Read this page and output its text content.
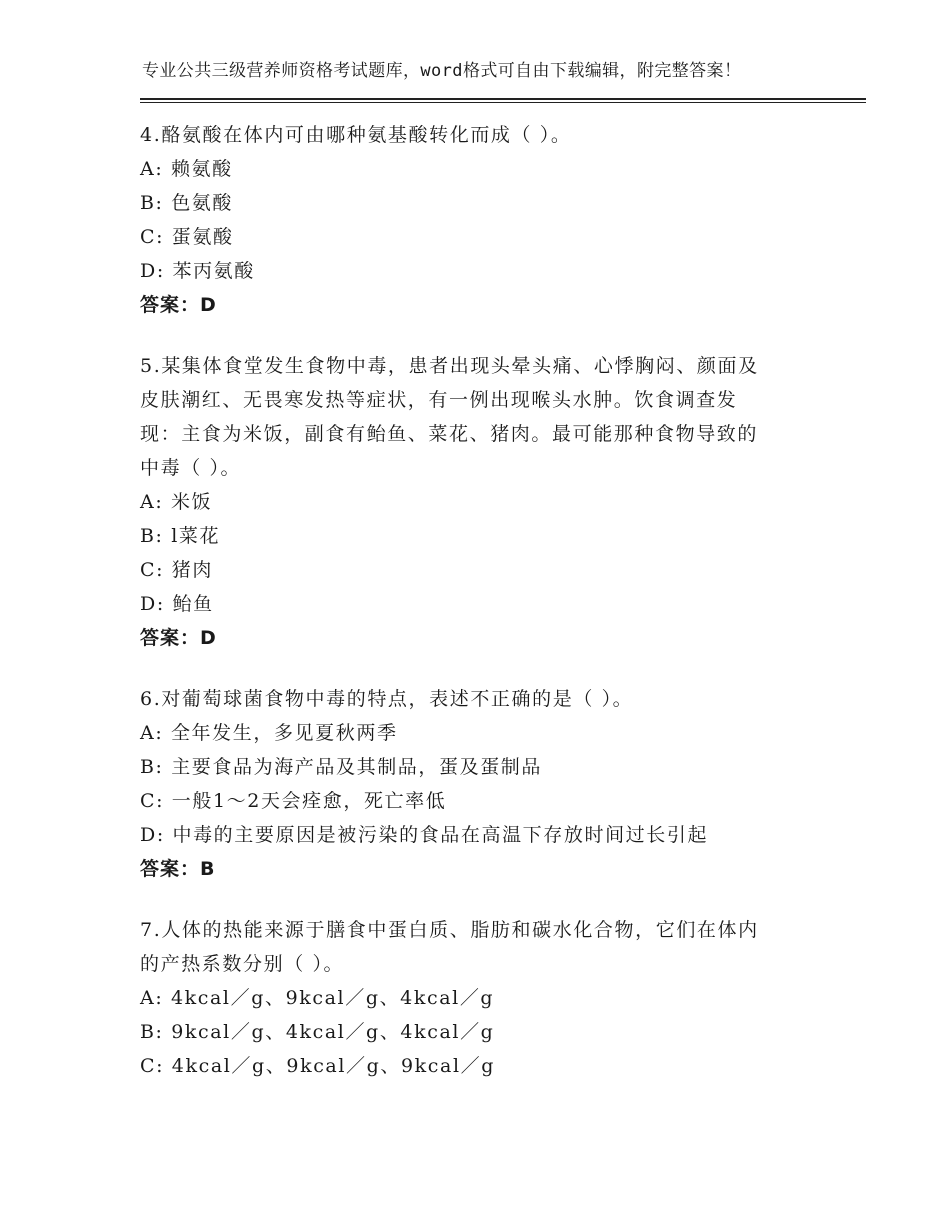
专业公共三级营养师资格考试题库，word格式可自由下载编辑，附完整答案！
4.酪氨酸在体内可由哪种氨基酸转化而成（ ）。
A: 赖氨酸
B: 色氨酸
C: 蛋氨酸
D: 苯丙氨酸
答案：D
5.某集体食堂发生食物中毒，患者出现头晕头痛、心悸胸闷、颜面及
皮肤潮红、无畏寒发热等症状，有一例出现喉头水肿。饮食调查发
现：主食为米饭，副食有鲐鱼、菜花、猪肉。最可能那种食物导致的
中毒（ ）。
A: 米饭
B: l菜花
C: 猪肉
D: 鲐鱼
答案：D
6.对葡萄球菌食物中毒的特点，表述不正确的是（ ）。
A: 全年发生，多见夏秋两季
B: 主要食品为海产品及其制品，蛋及蛋制品
C: 一般1～2天会痊愈，死亡率低
D: 中毒的主要原因是被污染的食品在高温下存放时间过长引起
答案：B
7.人体的热能来源于膳食中蛋白质、脂肪和碳水化合物，它们在体内
的产热系数分别（ ）。
A: 4kcal／g、9kcal／g、4kcal／g
B: 9kcal／g、4kcal／g、4kcal／g
C: 4kcal／g、9kcal／g、9kcal／g
